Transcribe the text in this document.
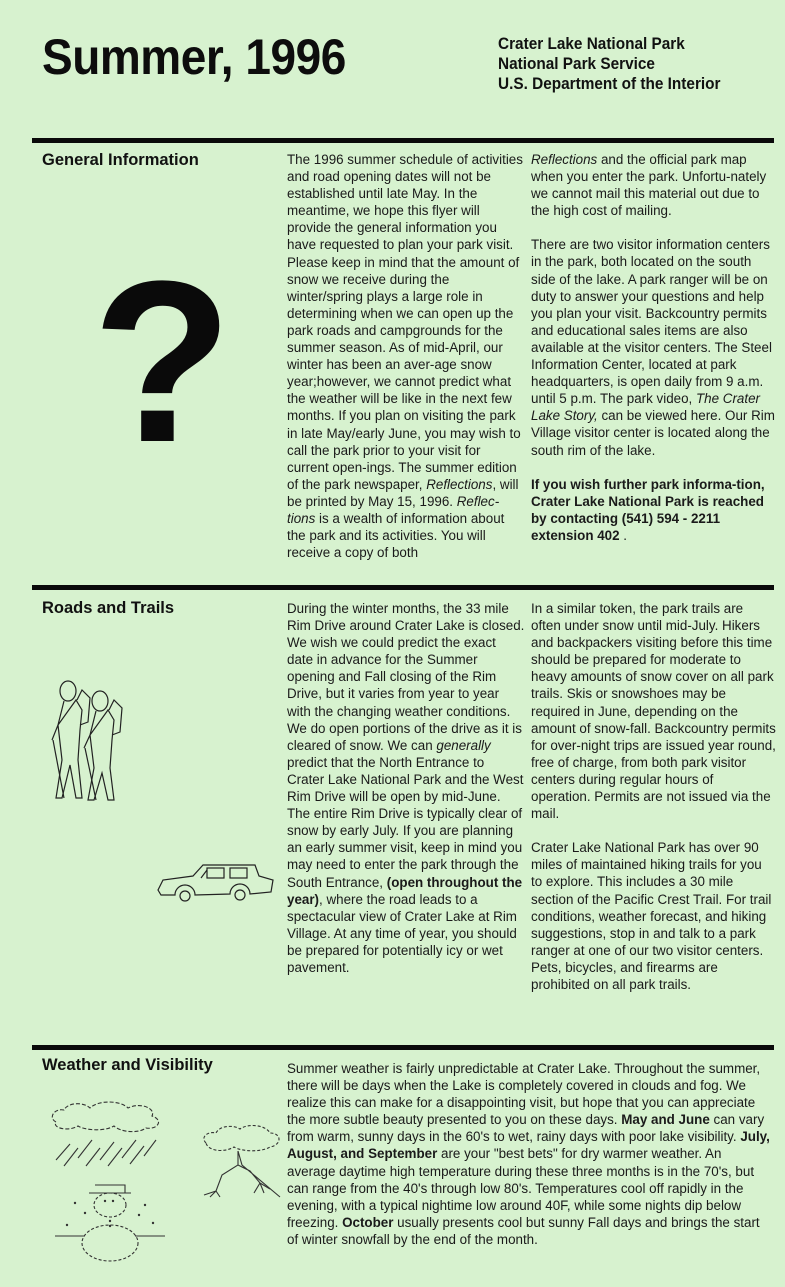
Summer, 1996	Crater Lake National Park
National Park Service
U.S. Department of the Interior
General Information
?

The 1996 summer schedule of activities and road opening dates will not be established until late May. In the meantime, we hope this flyer will provide the general information you have requested to plan your park visit. Please keep in mind that the amount of snow we receive during the winter/spring plays a large role in determining when we can open up the park roads and campgrounds for the summer season. As of mid-April, our winter has been an aver-age snow year;however, we cannot predict what the weather will be like in the next few months. If you plan on visiting the park in late May/early June, you may wish to call the park prior to your visit for current open-ings. The summer edition of the park newspaper, Reflections, will be printed by May 15, 1996. Reflec-tions is a wealth of information about the park and its activities. You will receive a copy of both

Reflections and the official park map when you enter the park. Unfortu-nately we cannot mail this material out due to the high cost of mailing.

There are two visitor information centers in the park, both located on the south side of the lake. A park ranger will be on duty to answer your questions and help you plan your visit. Backcountry permits and educational sales items are also available at the visitor centers. The Steel Information Center, located at park headquarters, is open daily from 9 a.m. until 5 p.m. The park video, The Crater Lake Story, can be viewed here. Our Rim Village visitor center is located along the south rim of the lake.

If you wish further park informa-tion, Crater Lake National Park is reached by contacting (541) 594 - 2211 extension 402 .

Roads and Trails	During the winter months, the 33 mile Rim Drive around Crater Lake is closed. We wish we could predict the exact date in advance for the Summer opening and Fall closing of the Rim Drive, but it varies from year to year with the changing weather conditions. We do open portions of the drive as it is cleared of snow. We can generally predict that the North Entrance to Crater Lake National Park and the West Rim Drive will be open by mid-June. The entire Rim Drive is typically clear of snow by early July. If you are planning an early summer visit, keep in mind you may need to enter the park through the South Entrance, (open throughout the year), where the road leads to a spectacular view of Crater Lake at Rim Village. At any time of year, you should be prepared for potentially icy or wet pavement.

In a similar token, the park trails are often under snow until mid-July. Hikers and backpackers visiting before this time should be prepared for moderate to heavy amounts of snow cover on all park trails. Skis or snowshoes may be required in June, depending on the amount of snow-fall. Backcountry permits for over-night trips are issued year round, free of charge, from both park visitor centers during regular hours of operation. Permits are not issued via the mail.

Crater Lake National Park has over 90 miles of maintained hiking trails for you to explore. This includes a 30 mile section of the Pacific Crest Trail. For trail conditions, weather forecast, and hiking suggestions, stop in and talk to a park ranger at one of our two visitor centers. Pets, bicycles, and firearms are prohibited on all park trails.

Weather and Visibility	Summer weather is fairly unpredictable at Crater Lake. Throughout the summer, there will be days when the Lake is completely covered in clouds and fog. We realize this can make for a disappointing visit, but hope that you can appreciate the more subtle beauty presented to you on these days. May and June can vary from warm, sunny days in the 60's to wet, rainy days with poor lake visibility. July, August, and September are your "best bets" for dry warmer weather. An average daytime high temperature during these three months is in the 70's, but can range from the 40's through low 80's. Temperatures cool off rapidly in the evening, with a typical nightime low around 40F, while some nights dip below freezing. October usually presents cool but sunny Fall days and brings the start of winter snowfall by the end of the month.
